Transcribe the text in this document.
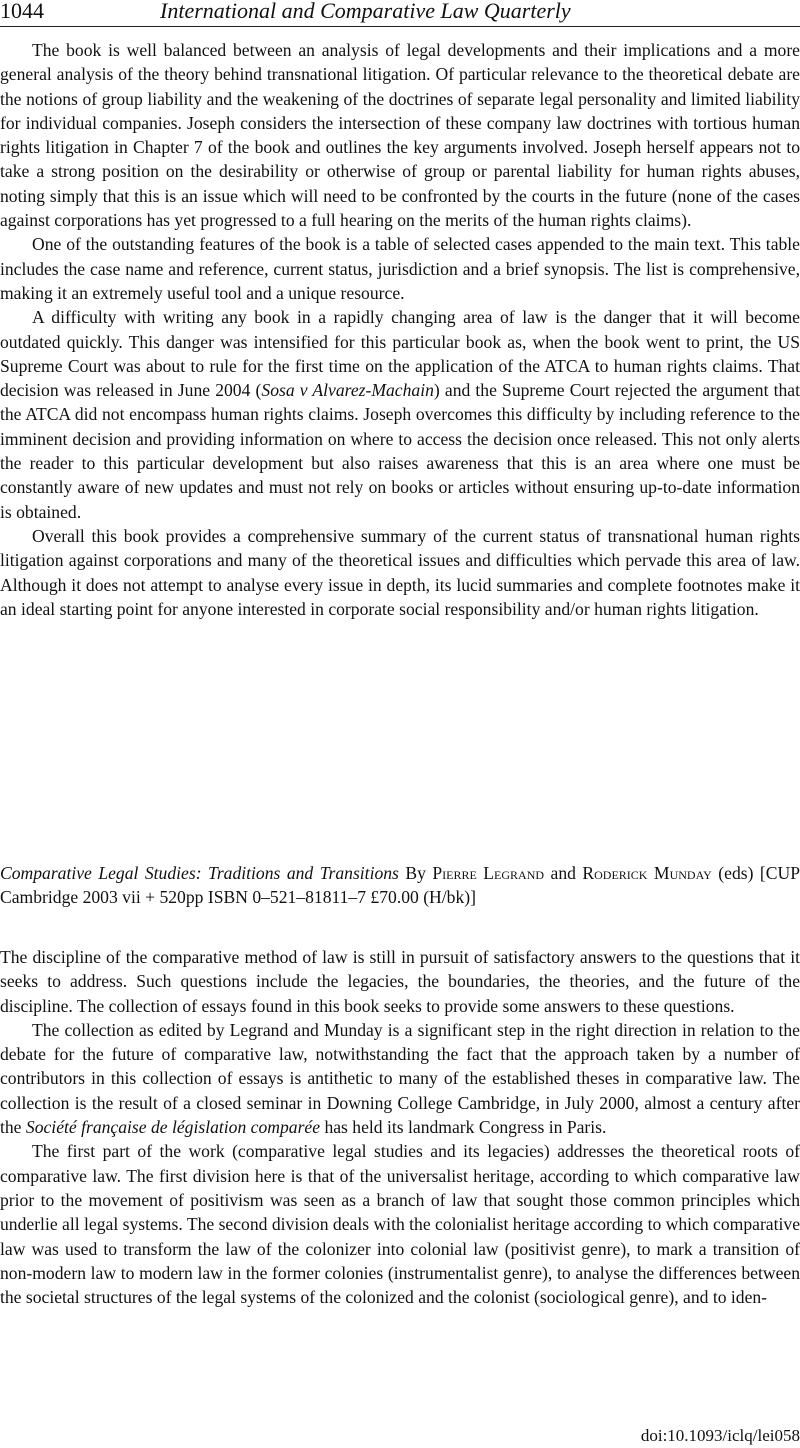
1044	International and Comparative Law Quarterly

The book is well balanced between an analysis of legal developments and their implications and a more general analysis of the theory behind transnational litigation. Of particular relevance to the theoretical debate are the notions of group liability and the weakening of the doctrines of separate legal personality and limited liability for individual companies. Joseph considers the intersection of these company law doctrines with tortious human rights litigation in Chapter 7 of the book and outlines the key arguments involved. Joseph herself appears not to take a strong position on the desirability or otherwise of group or parental liability for human rights abuses, noting simply that this is an issue which will need to be confronted by the courts in the future (none of the cases against corporations has yet progressed to a full hearing on the merits of the human rights claims).

One of the outstanding features of the book is a table of selected cases appended to the main text. This table includes the case name and reference, current status, jurisdiction and a brief synopsis. The list is comprehensive, making it an extremely useful tool and a unique resource.

A difficulty with writing any book in a rapidly changing area of law is the danger that it will become outdated quickly. This danger was intensified for this particular book as, when the book went to print, the US Supreme Court was about to rule for the first time on the application of the ATCA to human rights claims. That decision was released in June 2004 (Sosa v Alvarez-Machain) and the Supreme Court rejected the argument that the ATCA did not encompass human rights claims. Joseph overcomes this difficulty by including reference to the imminent decision and providing information on where to access the decision once released. This not only alerts the reader to this particular development but also raises awareness that this is an area where one must be constantly aware of new updates and must not rely on books or articles without ensuring up-to-date information is obtained.

Overall this book provides a comprehensive summary of the current status of transnational human rights litigation against corporations and many of the theoretical issues and difficulties which pervade this area of law. Although it does not attempt to analyse every issue in depth, its lucid summaries and complete footnotes make it an ideal starting point for anyone interested in corporate social responsibility and/or human rights litigation.

Comparative Legal Studies: Traditions and Transitions By Pierre Legrand and Roderick Munday (eds) [CUP Cambridge 2003 vii + 520pp ISBN 0–521–81811–7 £70.00 (H/bk)]

The discipline of the comparative method of law is still in pursuit of satisfactory answers to the questions that it seeks to address. Such questions include the legacies, the boundaries, the theories, and the future of the discipline. The collection of essays found in this book seeks to provide some answers to these questions.

The collection as edited by Legrand and Munday is a significant step in the right direction in relation to the debate for the future of comparative law, notwithstanding the fact that the approach taken by a number of contributors in this collection of essays is antithetic to many of the established theses in comparative law. The collection is the result of a closed seminar in Downing College Cambridge, in July 2000, almost a century after the Société française de législation comparée has held its landmark Congress in Paris.

The first part of the work (comparative legal studies and its legacies) addresses the theoretical roots of comparative law. The first division here is that of the universalist heritage, according to which comparative law prior to the movement of positivism was seen as a branch of law that sought those common principles which underlie all legal systems. The second division deals with the colonialist heritage according to which comparative law was used to transform the law of the colonizer into colonial law (positivist genre), to mark a transition of non-modern law to modern law in the former colonies (instrumentalist genre), to analyse the differences between the societal structures of the legal systems of the colonized and the colonist (sociological genre), and to iden-

doi:10.1093/iclq/lei058
